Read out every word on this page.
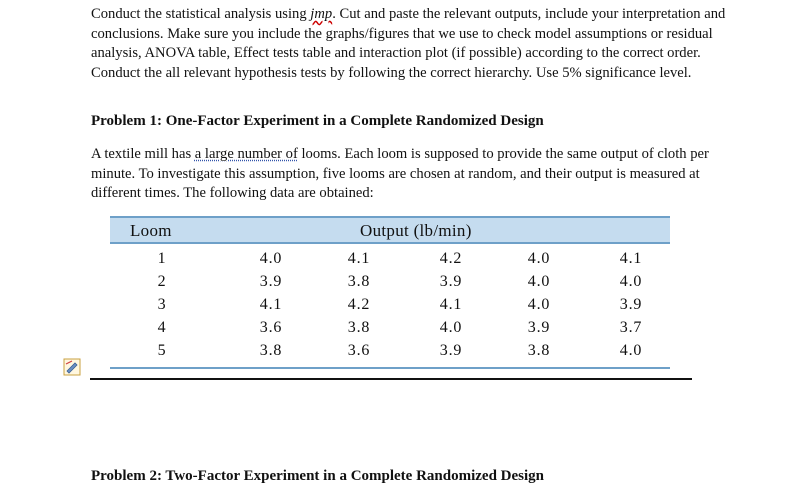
Conduct the statistical analysis using jmp. Cut and paste the relevant outputs, include your interpretation and conclusions. Make sure you include the graphs/figures that we use to check model assumptions or residual analysis, ANOVA table, Effect tests table and interaction plot (if possible) according to the correct order. Conduct the all relevant hypothesis tests by following the correct hierarchy. Use 5% significance level.

Problem 1: One-Factor Experiment in a Complete Randomized Design

A textile mill has a large number of looms. Each loom is supposed to provide the same output of cloth per minute. To investigate this assumption, five looms are chosen at random, and their output is measured at different times. The following data are obtained:

Loom	Output (lb/min)
1	4.0	4.1	4.2	4.0	4.1
2	3.9	3.8	3.9	4.0	4.0
3	4.1	4.2	4.1	4.0	3.9
4	3.6	3.8	4.0	3.9	3.7
5	3.8	3.6	3.9	3.8	4.0
Problem 2: Two-Factor Experiment in a Complete Randomized Design
